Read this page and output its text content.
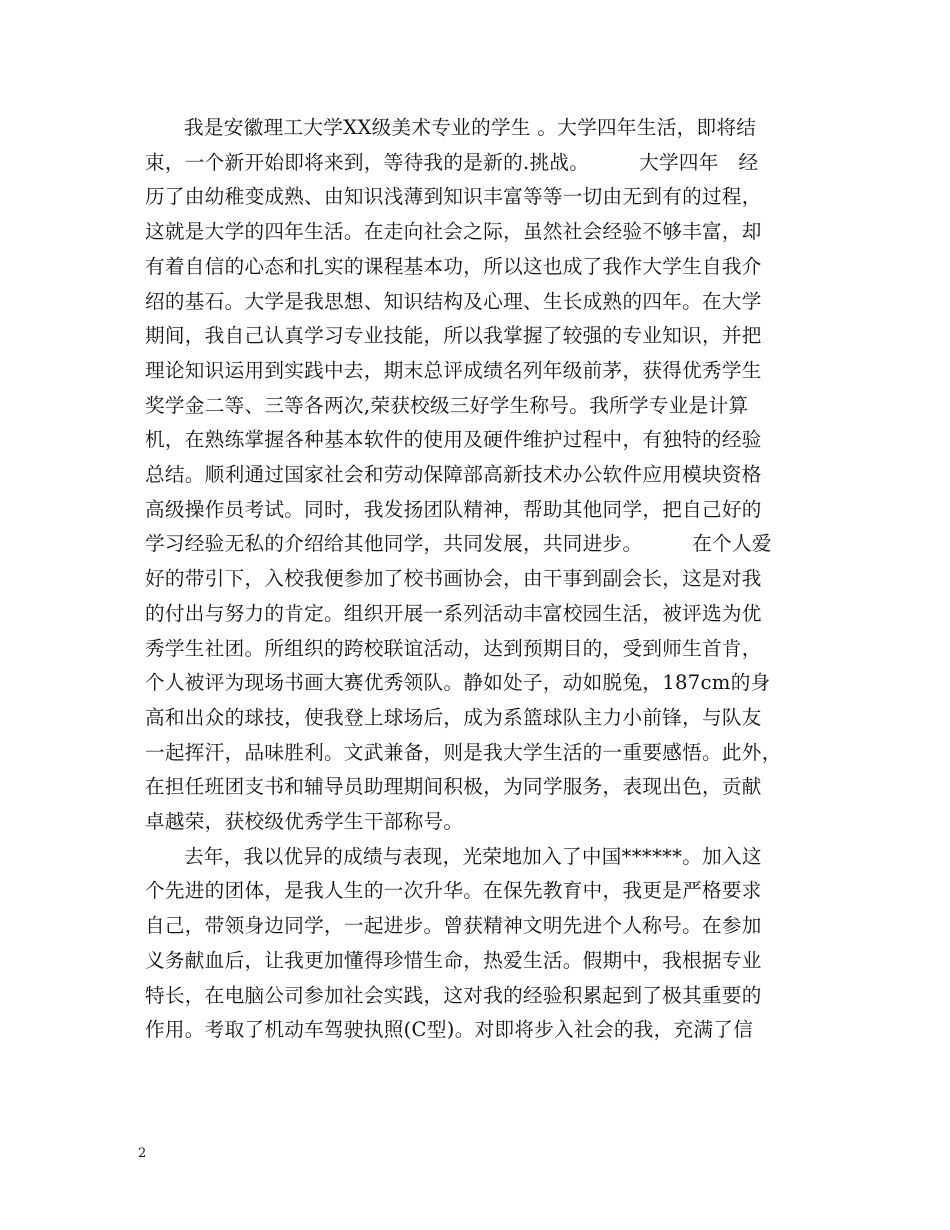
我是安徽理工大学XX级美术专业的学生 。大学四年生活，即将结
束，一个新开始即将来到，等待我的是新的.挑战。　　　大学四年　经
历了由幼稚变成熟、由知识浅薄到知识丰富等等一切由无到有的过程，
这就是大学的四年生活。在走向社会之际，虽然社会经验不够丰富，却
有着自信的心态和扎实的课程基本功，所以这也成了我作大学生自我介
绍的基石。大学是我思想、知识结构及心理、生长成熟的四年。在大学
期间，我自己认真学习专业技能，所以我掌握了较强的专业知识，并把
理论知识运用到实践中去，期末总评成绩名列年级前茅，获得优秀学生
奖学金二等、三等各两次,荣获校级三好学生称号。我所学专业是计算
机，在熟练掌握各种基本软件的使用及硬件维护过程中，有独特的经验
总结。顺利通过国家社会和劳动保障部高新技术办公软件应用模块资格
高级操作员考试。同时，我发扬团队精神，帮助其他同学，把自己好的
学习经验无私的介绍给其他同学，共同发展，共同进步。　　　在个人爱
好的带引下，入校我便参加了校书画协会，由干事到副会长，这是对我
的付出与努力的肯定。组织开展一系列活动丰富校园生活，被评选为优
秀学生社团。所组织的跨校联谊活动，达到预期目的，受到师生首肯，
个人被评为现场书画大赛优秀领队。静如处子，动如脱兔，187cm的身
高和出众的球技，使我登上球场后，成为系篮球队主力小前锋，与队友
一起挥汗，品味胜利。文武兼备，则是我大学生活的一重要感悟。此外，
在担任班团支书和辅导员助理期间积极，为同学服务，表现出色，贡献
卓越荣，获校级优秀学生干部称号。

去年，我以优异的成绩与表现，光荣地加入了中国******。加入这
个先进的团体，是我人生的一次升华。在保先教育中，我更是严格要求
自己，带领身边同学，一起进步。曾获精神文明先进个人称号。在参加
义务献血后，让我更加懂得珍惜生命，热爱生活。假期中，我根据专业
特长，在电脑公司参加社会实践，这对我的经验积累起到了极其重要的
作用。考取了机动车驾驶执照(C型)。对即将步入社会的我，充满了信

2
